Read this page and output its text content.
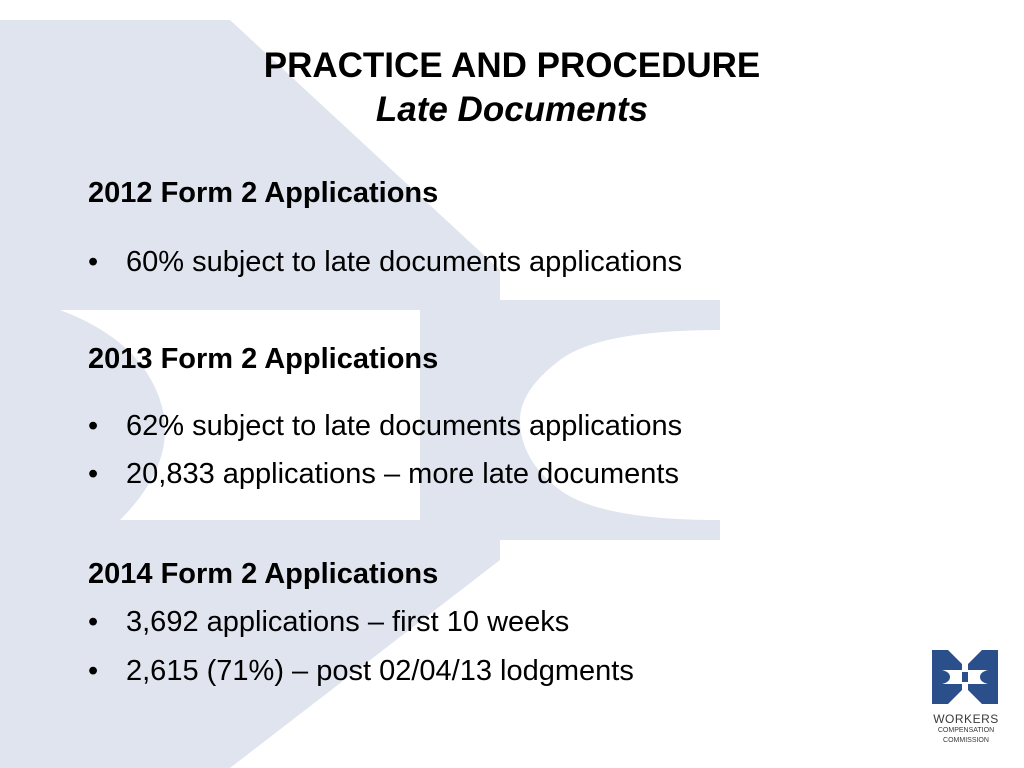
PRACTICE AND PROCEDURE
Late Documents
2012 Form 2 Applications
• 60% subject to late documents applications
2013 Form 2 Applications
• 62% subject to late documents applications
• 20,833 applications – more late documents
2014 Form 2 Applications
• 3,692 applications – first 10 weeks
• 2,615 (71%) – post 02/04/13 lodgments
WORKERS
COMPENSATION
COMMISSION
